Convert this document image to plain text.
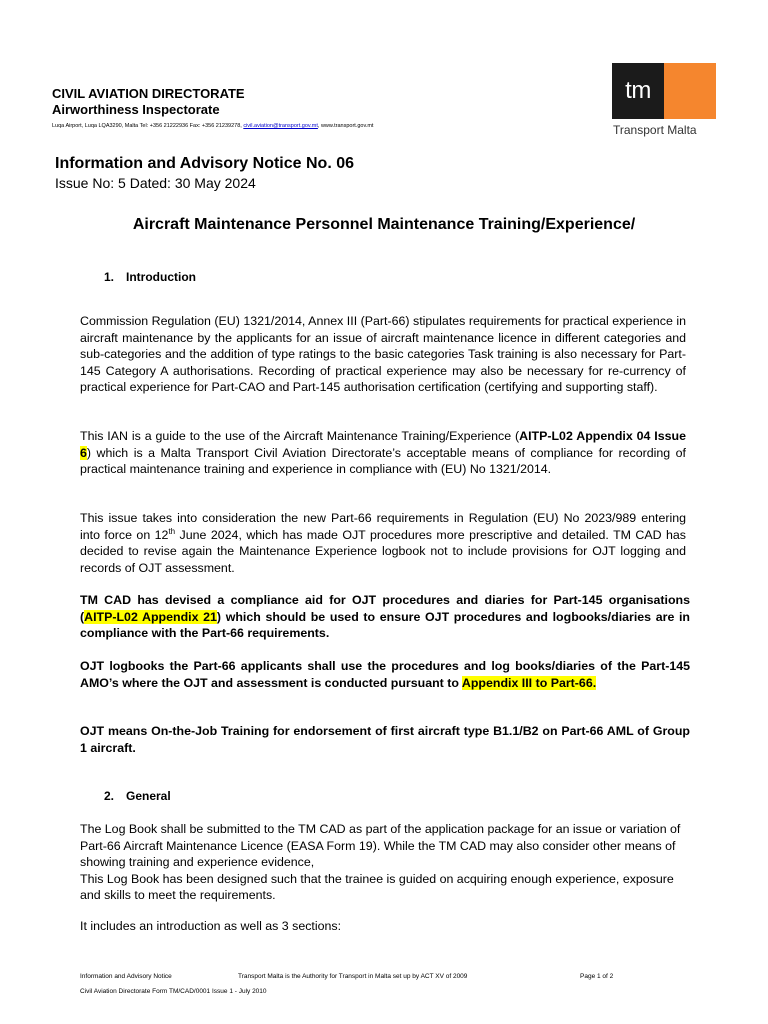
CIVIL AVIATION DIRECTORATE
Airworthiness Inspectorate
Luqa Airport, Luqa LQA3290, Malta Tel: +356 21222936 Fax: +356 21239278, civil.aviation@transport.gov.mt, www.transport.gov.mt
tm
Transport Malta
Information and Advisory Notice No. 06
Issue No: 5 Dated: 30 May 2024
Aircraft Maintenance Personnel Maintenance Training/Experience/
1. Introduction
Commission Regulation (EU) 1321/2014, Annex III (Part-66) stipulates requirements for practical experience in aircraft maintenance by the applicants for an issue of aircraft maintenance licence in different categories and sub-categories and the addition of type ratings to the basic categories Task training is also necessary for Part-145 Category A authorisations. Recording of practical experience may also be necessary for re-currency of practical experience for Part-CAO and Part-145 authorisation certification (certifying and supporting staff).
This IAN is a guide to the use of the Aircraft Maintenance Training/Experience (AITP-L02 Appendix 04 Issue 6) which is a Malta Transport Civil Aviation Directorate’s acceptable means of compliance for recording of practical maintenance training and experience in compliance with (EU) No 1321/2014.
This issue takes into consideration the new Part-66 requirements in Regulation (EU) No 2023/989 entering into force on 12th June 2024, which has made OJT procedures more prescriptive and detailed. TM CAD has decided to revise again the Maintenance Experience logbook not to include provisions for OJT logging and records of OJT assessment.
TM CAD has devised a compliance aid for OJT procedures and diaries for Part-145 organisations (AITP-L02 Appendix 21) which should be used to ensure OJT procedures and logbooks/diaries are in compliance with the Part-66 requirements.
OJT logbooks the Part-66 applicants shall use the procedures and log books/diaries of the Part-145 AMO’s where the OJT and assessment is conducted pursuant to Appendix III to Part-66.
OJT means On-the-Job Training for endorsement of first aircraft type B1.1/B2 on Part-66 AML of Group 1 aircraft.
2. General
The Log Book shall be submitted to the TM CAD as part of the application package for an issue or variation of Part-66 Aircraft Maintenance Licence (EASA Form 19). While the TM CAD may also consider other means of showing training and experience evidence,
This Log Book has been designed such that the trainee is guided on acquiring enough experience, exposure and skills to meet the requirements.
It includes an introduction as well as 3 sections:
Information and Advisory Notice	Transport Malta is the Authority for Transport in Malta set up by ACT XV of 2009	Page 1 of 2
Civil Aviation Directorate Form TM/CAD/0001 Issue 1 - July 2010
